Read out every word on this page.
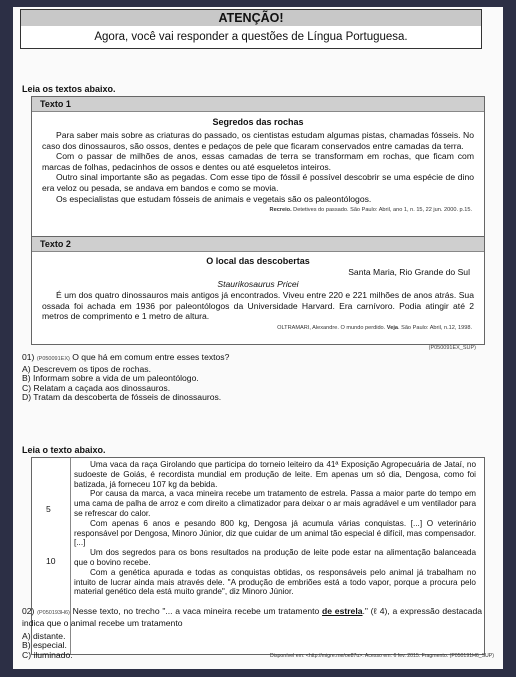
ATENÇÃO!
Agora, você vai responder a questões de Língua Portuguesa.
Leia os textos abaixo.
Texto 1
Segredos das rochas

Para saber mais sobre as criaturas do passado, os cientistas estudam algumas pistas, chamadas fósseis. No caso dos dinossauros, são ossos, dentes e pedaços de pele que ficaram conservados entre camadas da terra.

Com o passar de milhões de anos, essas camadas de terra se transformam em rochas, que ficam com marcas de folhas, pedacinhos de ossos e dentes ou até esqueletos inteiros.

Outro sinal importante são as pegadas. Com esse tipo de fóssil é possível descobrir se uma espécie de dino era veloz ou pesada, se andava em bandos e como se movia.

Os especialistas que estudam fósseis de animais e vegetais são os paleontólogos.

Recreio. Detetives do passado. São Paulo: Abril, ano 1, n. 15, 22 jun. 2000. p.15.
Texto 2
O local das descobertas
Santa Maria, Rio Grande do Sul
Staurikosaurus Pricei

É um dos quatro dinossauros mais antigos já encontrados. Viveu entre 220 e 221 milhões de anos atrás. Sua ossada foi achada em 1936 por paleontólogos da Universidade Harvard. Era carnívoro. Podia atingir até 2 metros de comprimento e 1 metro de altura.

OLTRAMARI, Alexandre. O mundo perdido. Veja. São Paulo: Abril, n.12, 1998.
(P050091EX_SUP)
01) (P050091EX) O que há em comum entre esses textos?
A) Descrevem os tipos de rochas.
B) Informam sobre a vida de um paleontólogo.
C) Relatam a caçada aos dinossauros.
D) Tratam da descoberta de fósseis de dinossauros.
Leia o texto abaixo.
5
10

Uma vaca da raça Girolando que participa do torneio leiteiro da 41ª Exposição Agropecuária de Jataí, no sudoeste de Goiás, é recordista mundial em produção de leite. Em apenas um só dia, Dengosa, como foi batizada, já forneceu 107 kg da bebida.

Por causa da marca, a vaca mineira recebe um tratamento de estrela. Passa a maior parte do tempo em uma cama de palha de arroz e com direito a climatizador para deixar o ar mais agradável e um ventilador para se refrescar do calor.

Com apenas 6 anos e pesando 800 kg, Dengosa já acumula várias conquistas. [...] O veterinário responsável por Dengosa, Minoro Júnior, diz que cuidar de um animal tão especial é difícil, mas compensador. [...]

Um dos segredos para os bons resultados na produção de leite pode estar na alimentação balanceada que o bovino recebe.

Com a genética apurada e todas as conquistas obtidas, os responsáveis pelo animal já trabalham no intuito de lucrar ainda mais através dele. "A produção de embriões está a todo vapor, porque a procura pelo material genético dela está muito grande", diz Minoro Júnior.

Disponível em: <http://migre.me/oe87u>. Acesso em: 6 fev. 2015. Fragmento. (P050191H6_SUP)
02) (P050193H6) Nesse texto, no trecho "... a vaca mineira recebe um tratamento de estrela." (ℓ 4), a expressão destacada indica que o animal recebe um tratamento
A) distante.
B) especial.
C) iluminado.
